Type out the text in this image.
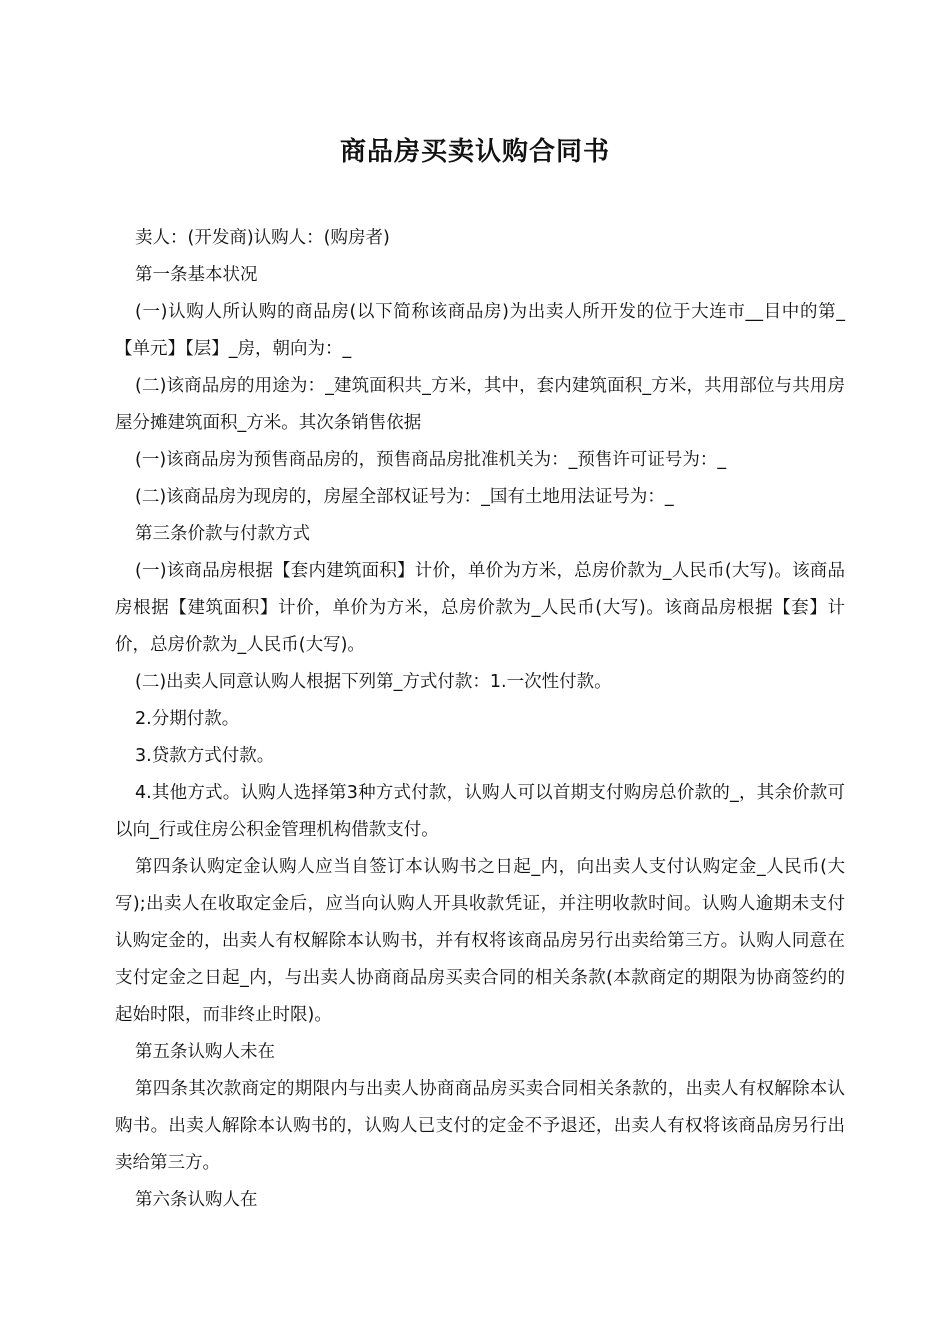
商品房买卖认购合同书

卖人：(开发商)认购人：(购房者)

第一条基本状况

(一)认购人所认购的商品房(以下简称该商品房)为出卖人所开发的位于大连市__目中的第_【单元】【层】_房，朝向为：_

(二)该商品房的用途为：_建筑面积共_方米，其中，套内建筑面积_方米，共用部位与共用房屋分摊建筑面积_方米。其次条销售依据

(一)该商品房为预售商品房的，预售商品房批准机关为：_预售许可证号为：_

(二)该商品房为现房的，房屋全部权证号为：_国有土地用法证号为：_

第三条价款与付款方式

(一)该商品房根据【套内建筑面积】计价，单价为方米，总房价款为_人民币(大写)。该商品房根据【建筑面积】计价，单价为方米，总房价款为_人民币(大写)。该商品房根据【套】计价，总房价款为_人民币(大写)。

(二)出卖人同意认购人根据下列第_方式付款：1.一次性付款。

2.分期付款。

3.贷款方式付款。

4.其他方式。认购人选择第3种方式付款，认购人可以首期支付购房总价款的_，其余价款可以向_行或住房公积金管理机构借款支付。

第四条认购定金认购人应当自签订本认购书之日起_内，向出卖人支付认购定金_人民币(大写);出卖人在收取定金后，应当向认购人开具收款凭证，并注明收款时间。认购人逾期未支付认购定金的，出卖人有权解除本认购书，并有权将该商品房另行出卖给第三方。认购人同意在支付定金之日起_内，与出卖人协商商品房买卖合同的相关条款(本款商定的期限为协商签约的起始时限，而非终止时限)。

第五条认购人未在

第四条其次款商定的期限内与出卖人协商商品房买卖合同相关条款的，出卖人有权解除本认购书。出卖人解除本认购书的，认购人已支付的定金不予退还，出卖人有权将该商品房另行出卖给第三方。

第六条认购人在
